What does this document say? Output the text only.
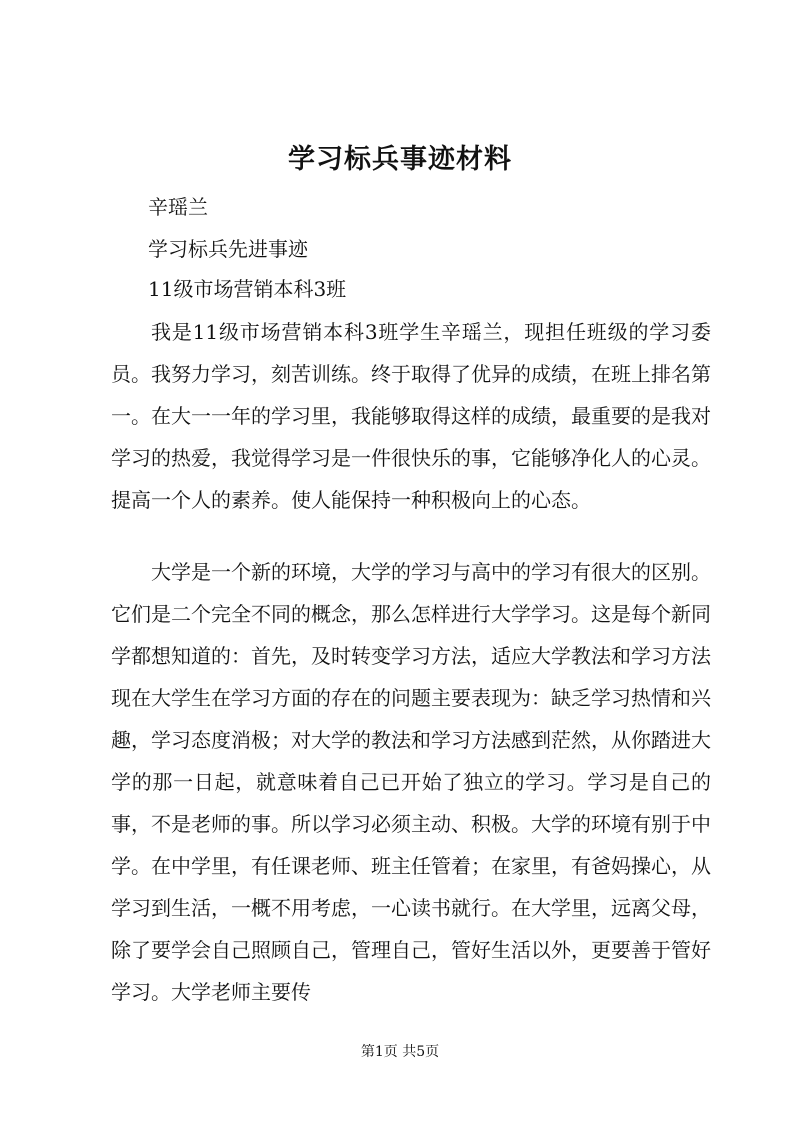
学习标兵事迹材料

辛瑶兰

学习标兵先进事迹

11级市场营销本科3班

我是11级市场营销本科3班学生辛瑶兰，现担任班级的学习委员。我努力学习，刻苦训练。终于取得了优异的成绩，在班上排名第一。在大一一年的学习里，我能够取得这样的成绩，最重要的是我对学习的热爱，我觉得学习是一件很快乐的事，它能够净化人的心灵。提高一个人的素养。使人能保持一种积极向上的心态。

大学是一个新的环境，大学的学习与高中的学习有很大的区别。它们是二个完全不同的概念，那么怎样进行大学学习。这是每个新同学都想知道的：首先，及时转变学习方法，适应大学教法和学习方法现在大学生在学习方面的存在的问题主要表现为：缺乏学习热情和兴趣，学习态度消极；对大学的教法和学习方法感到茫然，从你踏进大学的那一日起，就意味着自己已开始了独立的学习。学习是自己的事，不是老师的事。所以学习必须主动、积极。大学的环境有别于中学。在中学里，有任课老师、班主任管着；在家里，有爸妈操心，从学习到生活，一概不用考虑，一心读书就行。在大学里，远离父母，除了要学会自己照顾自己，管理自己，管好生活以外，更要善于管好学习。大学老师主要传

第1页 共5页
